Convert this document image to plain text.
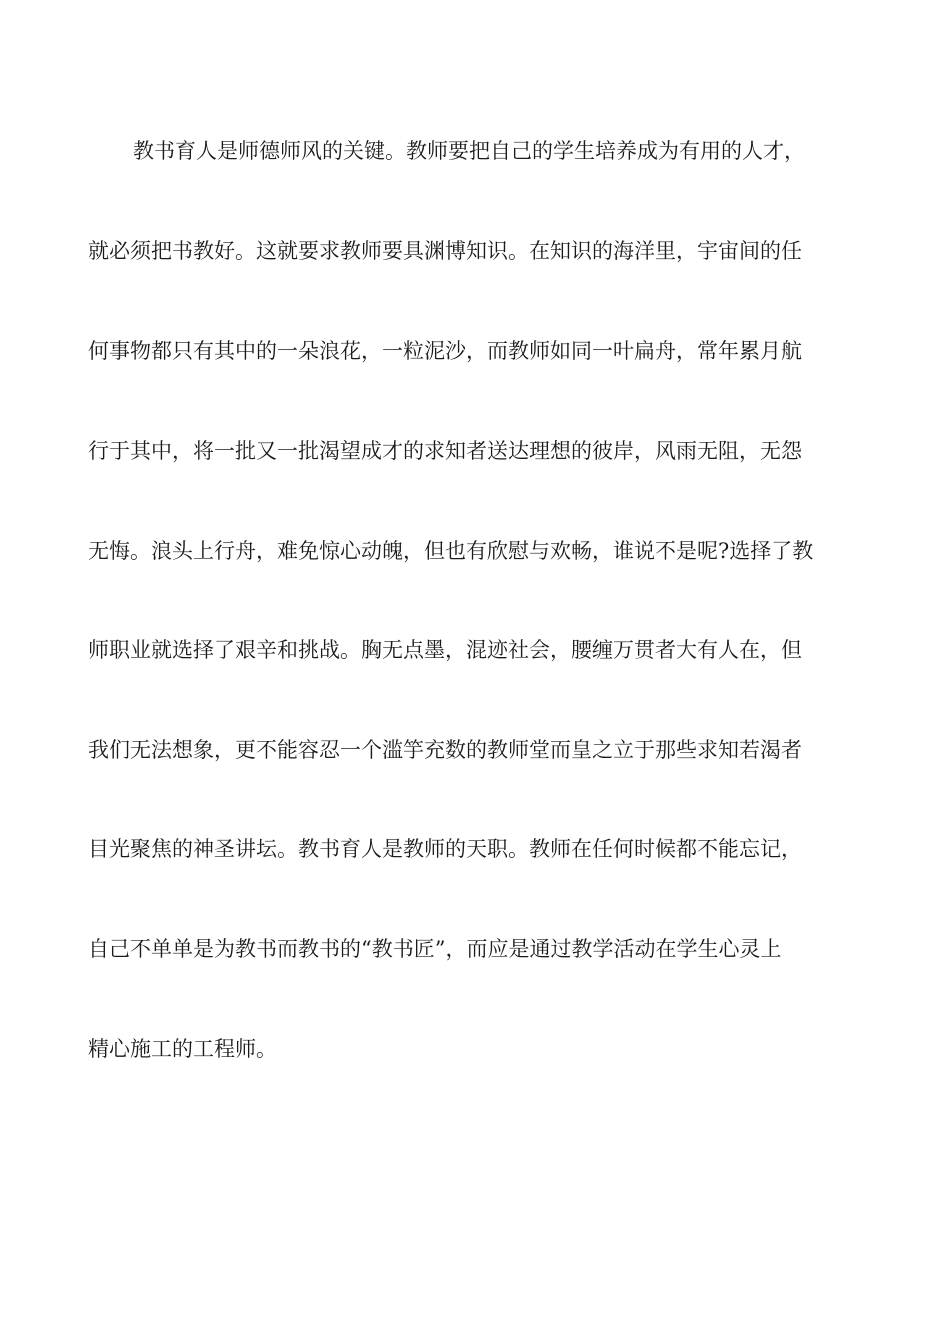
教书育人是师德师风的关键。教师要把自己的学生培养成为有用的人才，

就必须把书教好。这就要求教师要具渊博知识。在知识的海洋里，宇宙间的任

何事物都只有其中的一朵浪花，一粒泥沙，而教师如同一叶扁舟，常年累月航

行于其中，将一批又一批渴望成才的求知者送达理想的彼岸，风雨无阻，无怨

无悔。浪头上行舟，难免惊心动魄，但也有欣慰与欢畅，谁说不是呢?选择了教

师职业就选择了艰辛和挑战。胸无点墨，混迹社会，腰缠万贯者大有人在，但

我们无法想象，更不能容忍一个滥竽充数的教师堂而皇之立于那些求知若渴者

目光聚焦的神圣讲坛。教书育人是教师的天职。教师在任何时候都不能忘记，

自己不单单是为教书而教书的“教书匠”，而应是通过教学活动在学生心灵上

精心施工的工程师。
